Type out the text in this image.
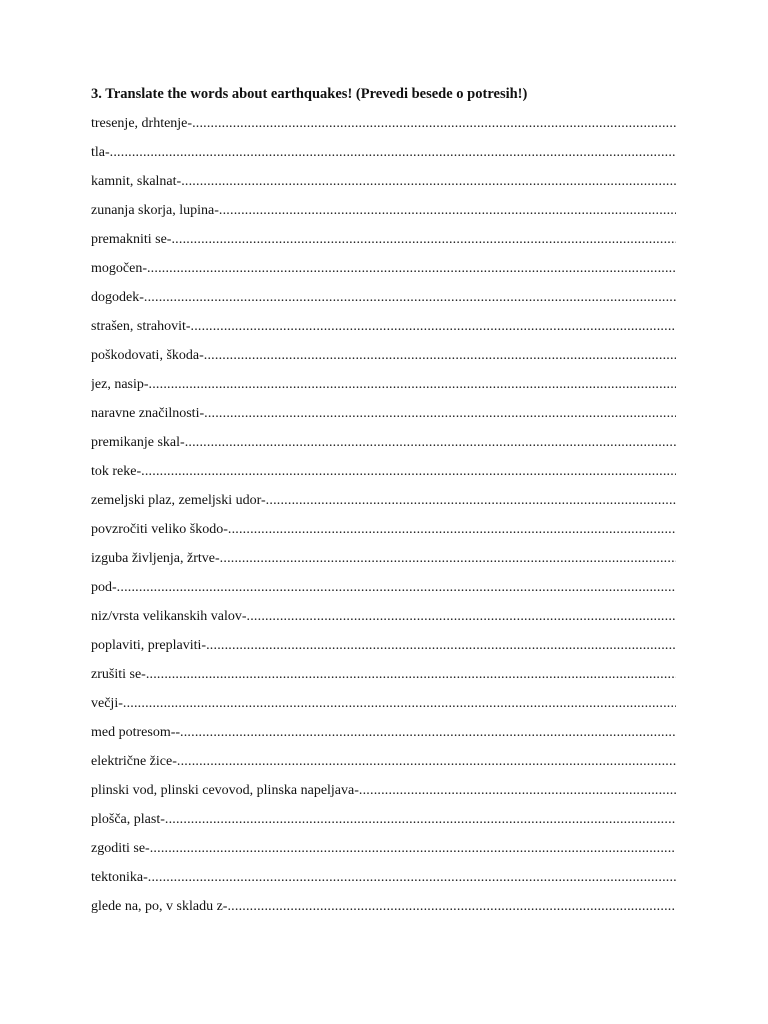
3. Translate the words about earthquakes! (Prevedi besede o potresih!)
tresenje, drhtenje-
.....
tla-
.....
kamnit, skalnat-
.....
zunanja skorja, lupina-
.....
premakniti se-
.....
mogočen-
.....
dogodek-
.....
strašen, strahovit-
.....
poškodovati, škoda-
.....
jez, nasip-
.....
naravne značilnosti-
.....
premikanje skal-
.....
tok reke-
.....
zemeljski plaz, zemeljski udor-
.....
povzročiti veliko škodo-
.....
izguba življenja, žrtve-
.....
pod-
.....
niz/vrsta velikanskih valov-
.....
poplaviti, preplaviti-
.....
zrušiti se-
.....
večji-
.....
med potresom--
.....
električne žice-
.....
plinski vod, plinski cevovod, plinska napeljava-
.....
plošča, plast-
.....
zgoditi se-
.....
tektonika-
.....
glede na, po, v skladu z-
.....
